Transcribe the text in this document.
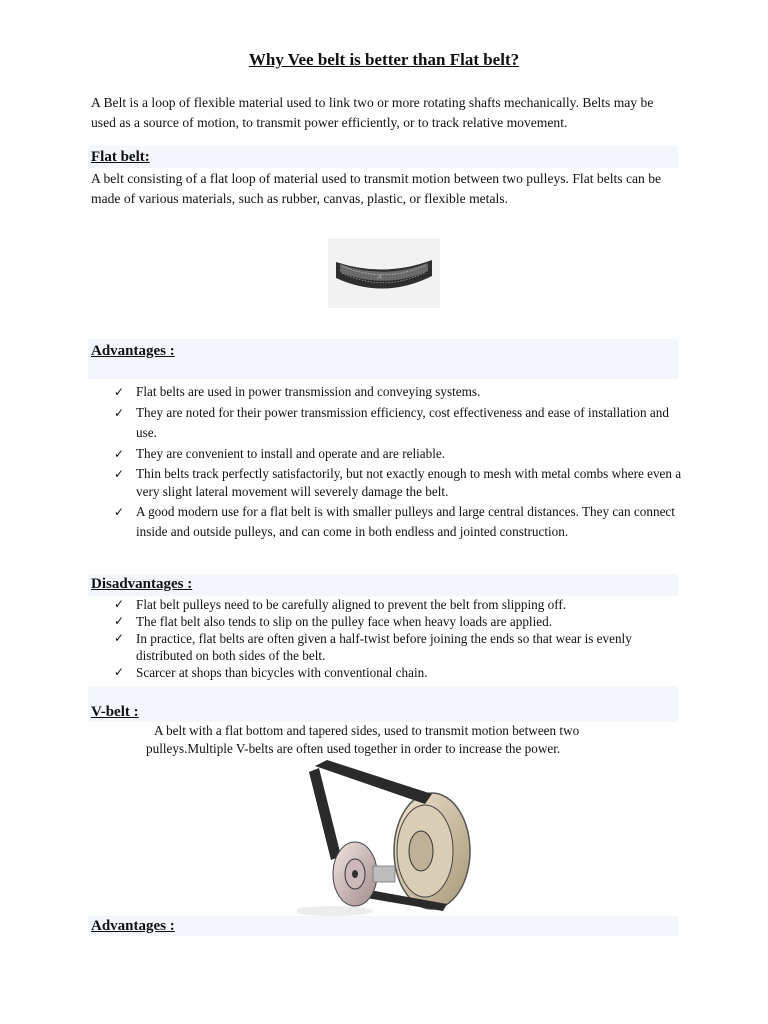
Why Vee belt is better than Flat belt?
A Belt is a loop of flexible material used to link two or more rotating shafts mechanically. Belts may be used as a source of motion, to transmit power efficiently, or to track relative movement.
Flat belt:
A belt consisting of a flat loop of material used to transmit motion between two pulleys. Flat belts can be made of various materials, such as rubber, canvas, plastic, or flexible metals.
✕
Advantages :
✓ Flat belts are used in power transmission and conveying systems.
✓ They are noted for their power transmission efficiency, cost effectiveness and ease of installation and use.
✓ They are convenient to install and operate and are reliable.
✓ Thin belts track perfectly satisfactorily, but not exactly enough to mesh with metal combs where even a very slight lateral movement will severely damage the belt.
✓ A good modern use for a flat belt is with smaller pulleys and large central distances. They can connect inside and outside pulleys, and can come in both endless and jointed construction.
Disadvantages :
✓ Flat belt pulleys need to be carefully aligned to prevent the belt from slipping off.
✓ The flat belt also tends to slip on the pulley face when heavy loads are applied.
✓ In practice, flat belts are often given a half-twist before joining the ends so that wear is evenly distributed on both sides of the belt.
✓ Scarcer at shops than bicycles with conventional chain.
V-belt :
A belt with a flat bottom and tapered sides, used to transmit motion between two pulleys.Multiple V-belts are often used together in order to increase the power.
Advantages :
